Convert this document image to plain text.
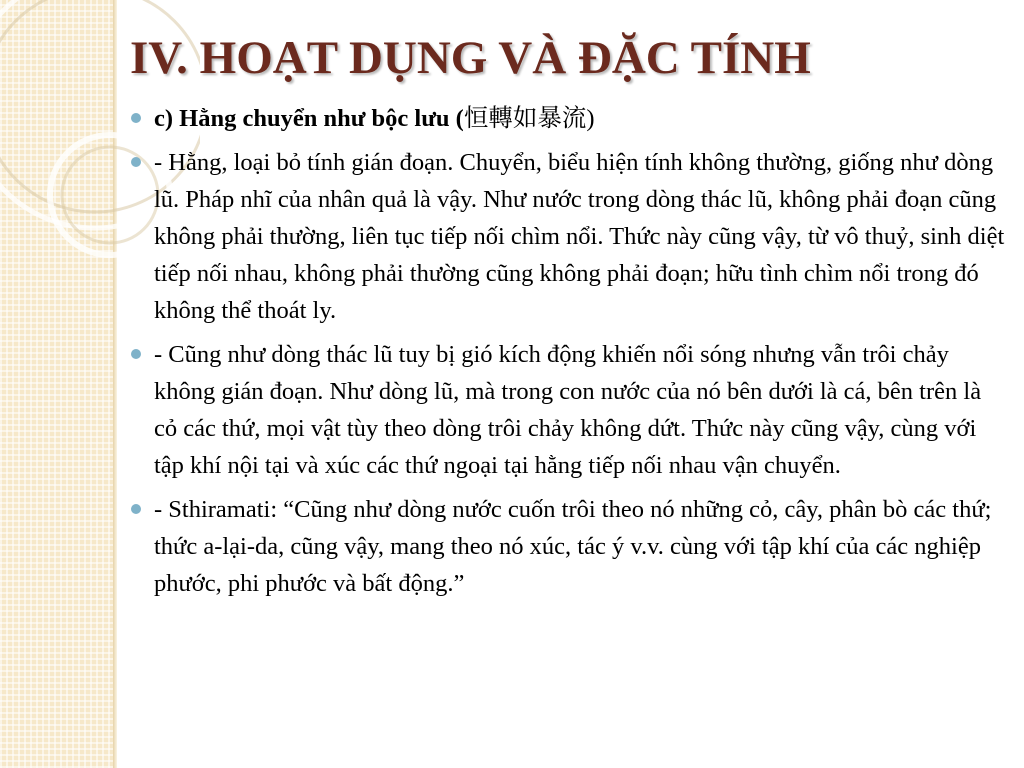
IV. HOẠT DỤNG VÀ ĐẶC TÍNH
c) Hằng chuyển như bộc lưu (恒轉如暴流)
- Hằng, loại bỏ tính gián đoạn. Chuyển, biểu hiện tính không thường, giống như dòng lũ. Pháp nhĩ của nhân quả là vậy. Như nước trong dòng thác lũ, không phải đoạn cũng không phải thường, liên tục tiếp nối chìm nổi. Thức này cũng vậy, từ vô thuỷ, sinh diệt tiếp nối nhau, không phải thường cũng không phải đoạn; hữu tình chìm nổi trong đó không thể thoát ly.
- Cũng như dòng thác lũ tuy bị gió kích động khiến nổi sóng nhưng vẫn trôi chảy không gián đoạn. Như dòng lũ, mà trong con nước của nó bên dưới là cá, bên trên là cỏ các thứ, mọi vật tùy theo dòng trôi chảy không dứt. Thức này cũng vậy, cùng với tập khí nội tại và xúc các thứ ngoại tại hằng tiếp nối nhau vận chuyển.
- Sthiramati: “Cũng như dòng nước cuốn trôi theo nó những cỏ, cây, phân bò các thứ; thức a-lại-da, cũng vậy, mang theo nó xúc, tác ý v.v. cùng với tập khí của các nghiệp phước, phi phước và bất động.”
